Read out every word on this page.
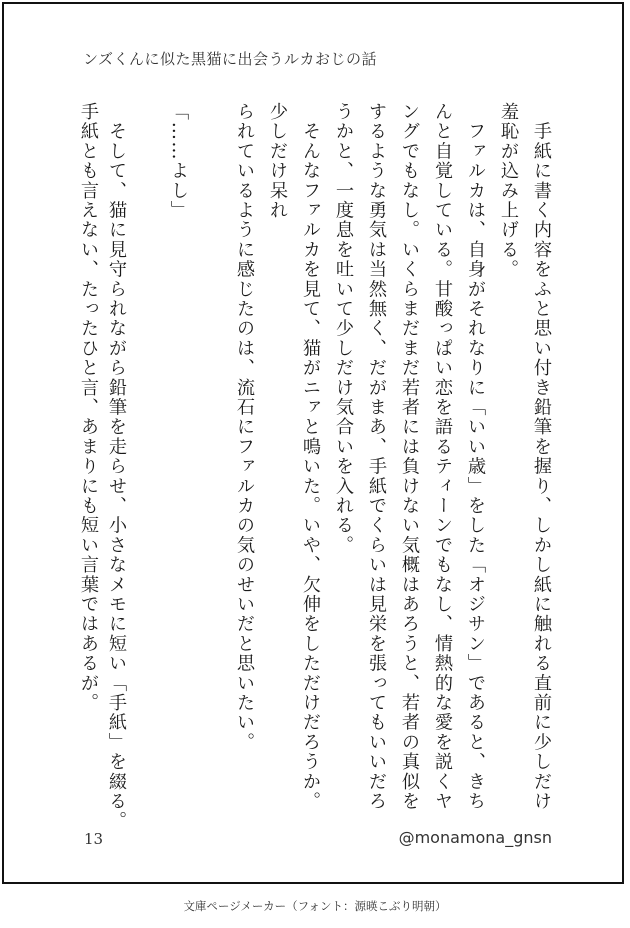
ンズくんに似た黒猫に出会うルカおじの話
　手紙に書く内容をふと思い付き鉛筆を握り、しかし紙に触れる直前に少しだけ
羞恥が込み上げる。
　ファルカは、自身がそれなりに「いい歳」をした「オジサン」であると、きち
んと自覚している。甘酸っぱい恋を語るティーンでもなし、情熱的な愛を説くヤ
ングでもなし。いくらまだまだ若者には負けない気概はあろうと、若者の真似を
するような勇気は当然無く、だがまあ、手紙でくらいは見栄を張ってもいいだろ
うかと、一度息を吐いて少しだけ気合いを入れる。
　そんなファルカを見て、猫がニァと鳴いた。いや、欠伸をしただけだろうか。
少しだけ呆れ
られているように感じたのは、流石にファルカの気のせいだと思いたい。
「……よし」
　そして、猫に見守られながら鉛筆を走らせ、小さなメモに短い「手紙」を綴る。
手紙とも言えない、たったひと言、あまりにも短い言葉ではあるが。
13	@monamona_gnsn
文庫ページメーカー（フォント：源暎こぶり明朝）
